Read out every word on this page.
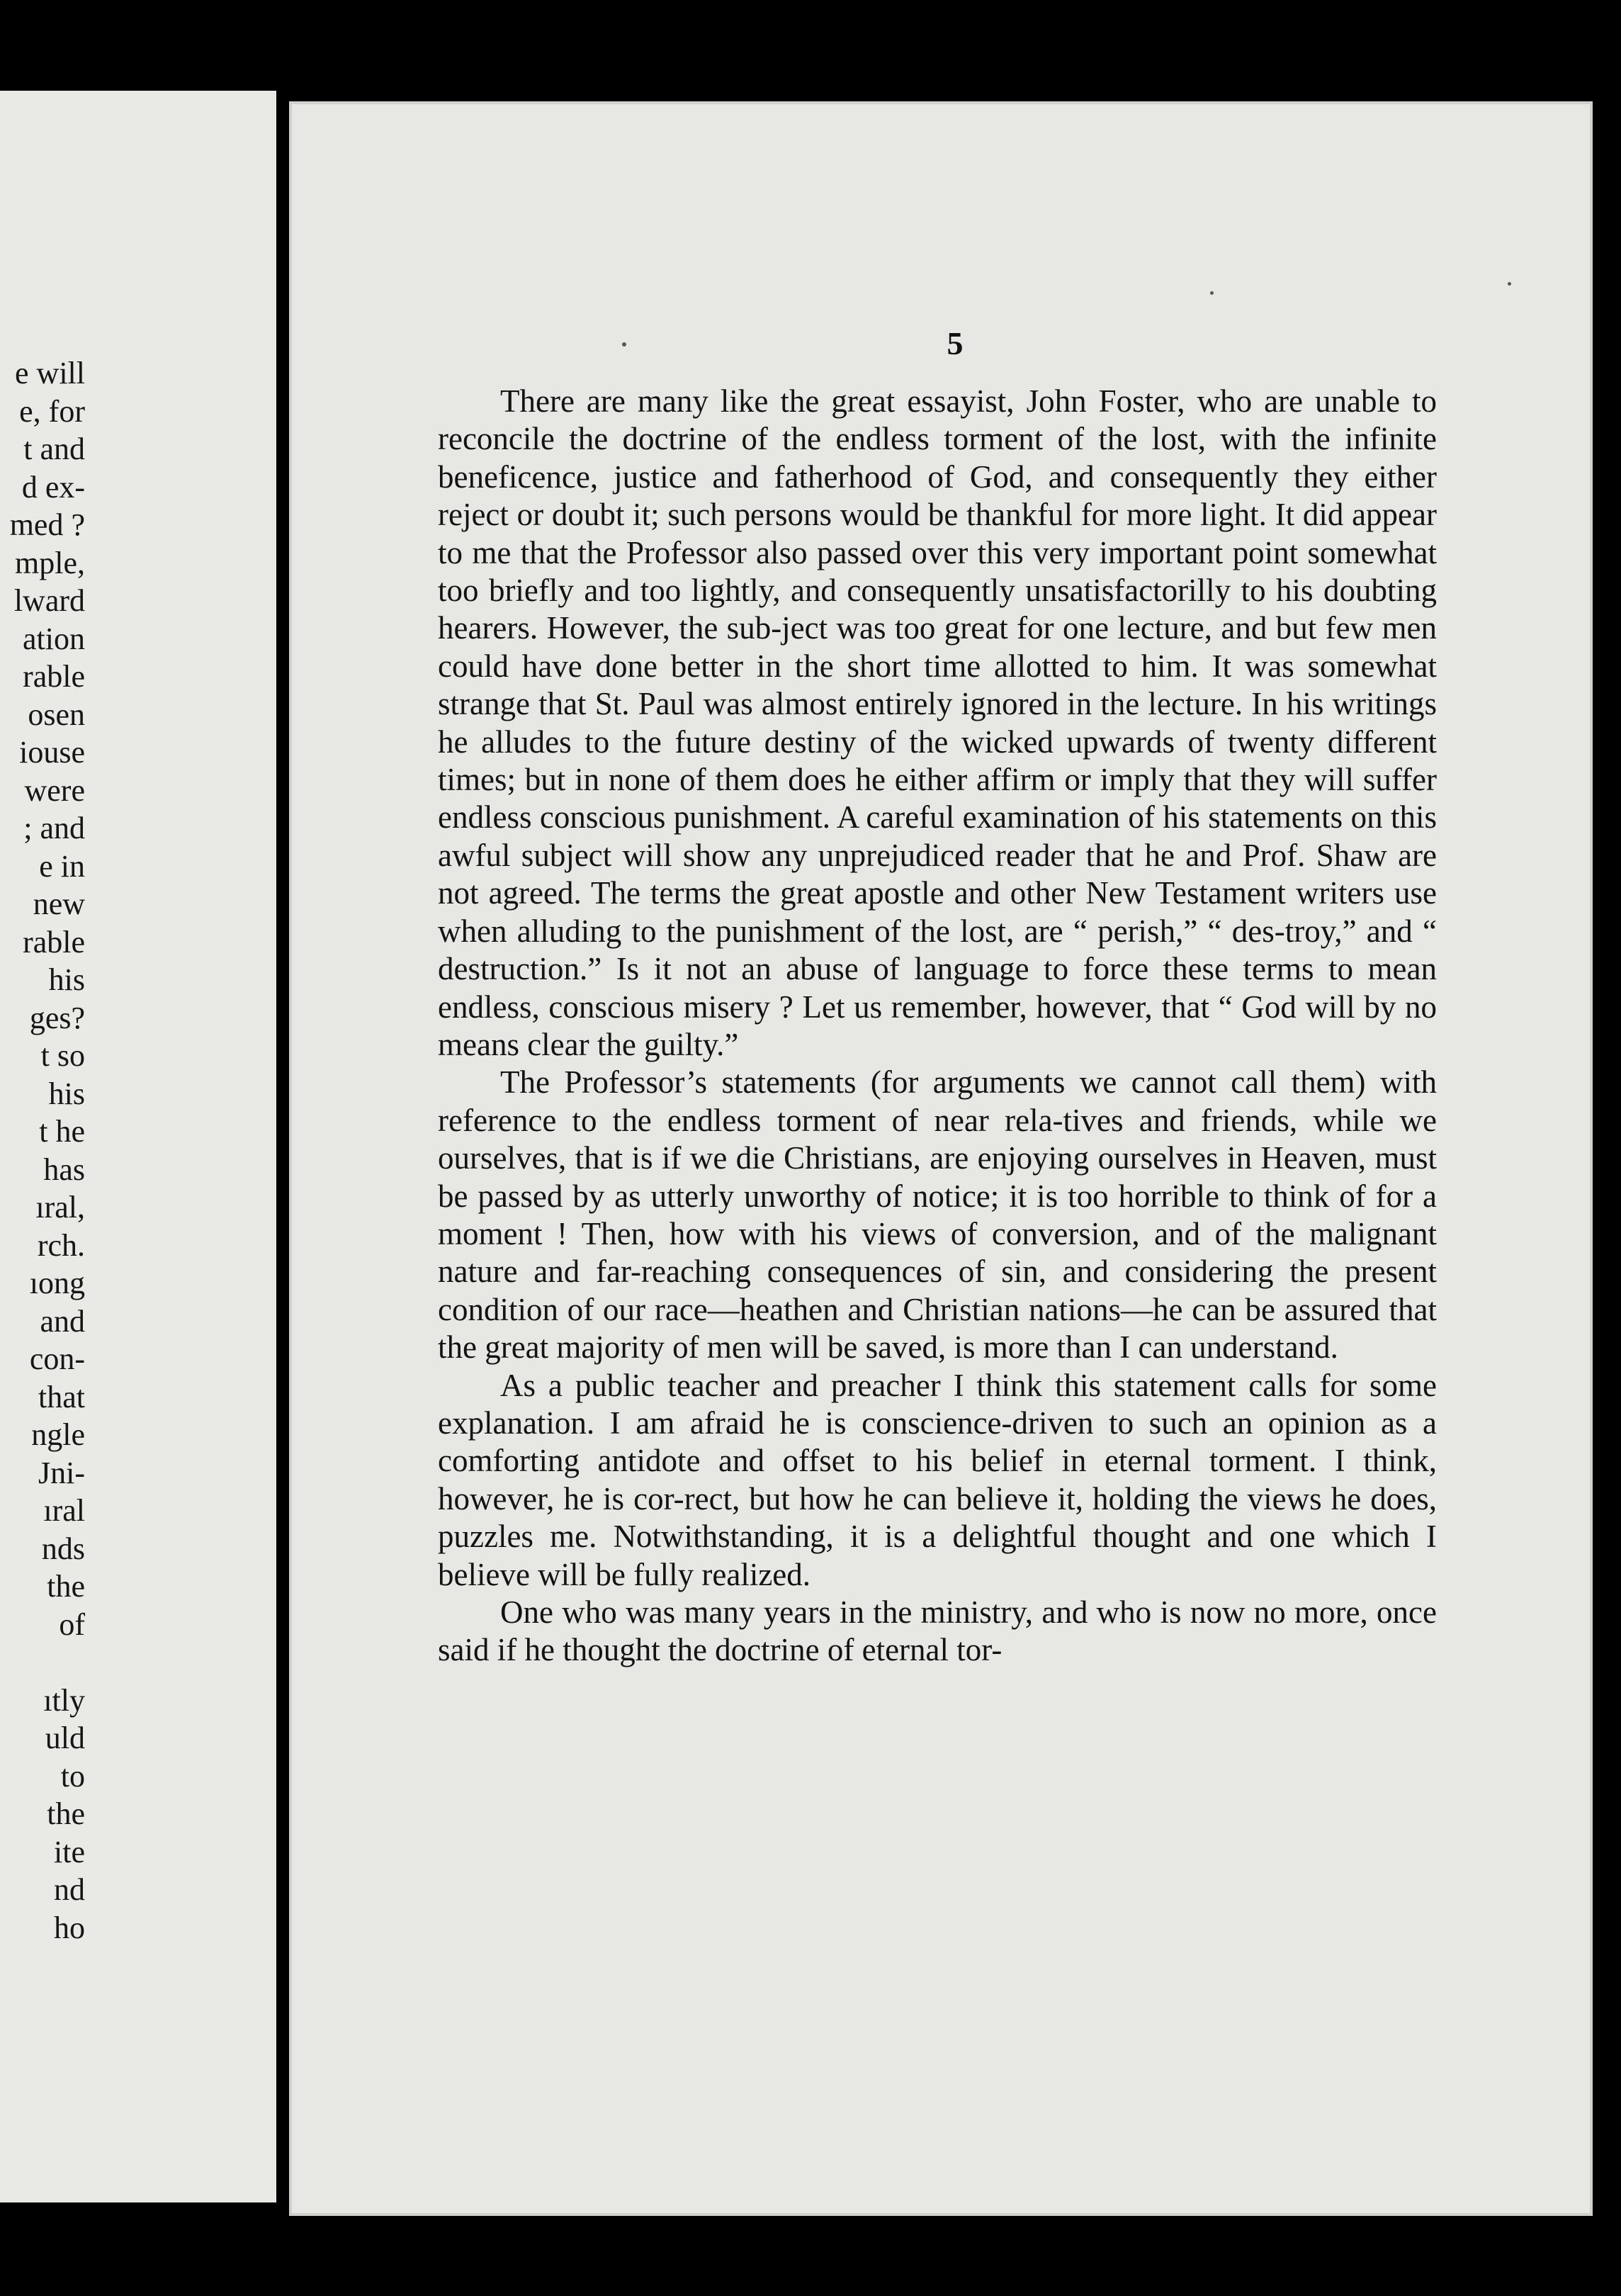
e will
e, for
t and
d ex-
med ?
mple,
lward
ation
rable
osen
iouse
were
; and
e in
new
rable
his
ges?
t so
his
t he
has
ıral,
rch.
ıong
and
con-
that
ngle
Jni-
ıral
nds
the
of
ıtly
uld
to
the
ite
nd
ho
5

There are many like the great essayist, John Foster, who are unable to reconcile the doctrine of the endless torment of the lost, with the infinite beneficence, justice and fatherhood of God, and consequently they either reject or doubt it; such persons would be thankful for more light. It did appear to me that the Professor also passed over this very important point somewhat too briefly and too lightly, and consequently unsatisfactorilly to his doubting hearers. However, the sub-ject was too great for one lecture, and but few men could have done better in the short time allotted to him. It was somewhat strange that St. Paul was almost entirely ignored in the lecture. In his writings he alludes to the future destiny of the wicked upwards of twenty different times; but in none of them does he either affirm or imply that they will suffer endless conscious punishment. A careful examination of his statements on this awful subject will show any unprejudiced reader that he and Prof. Shaw are not agreed. The terms the great apostle and other New Testament writers use when alluding to the punishment of the lost, are “ perish,” “ des-troy,” and “ destruction.” Is it not an abuse of language to force these terms to mean endless, conscious misery ? Let us remember, however, that “ God will by no means clear the guilty.”

The Professor’s statements (for arguments we cannot call them) with reference to the endless torment of near rela-tives and friends, while we ourselves, that is if we die Christians, are enjoying ourselves in Heaven, must be passed by as utterly unworthy of notice; it is too horrible to think of for a moment ! Then, how with his views of conversion, and of the malignant nature and far-reaching consequences of sin, and considering the present condition of our race—heathen and Christian nations—he can be assured that the great majority of men will be saved, is more than I can understand.

As a public teacher and preacher I think this statement calls for some explanation. I am afraid he is conscience-driven to such an opinion as a comforting antidote and offset to his belief in eternal torment. I think, however, he is cor-rect, but how he can believe it, holding the views he does, puzzles me. Notwithstanding, it is a delightful thought and one which I believe will be fully realized.

One who was many years in the ministry, and who is now no more, once said if he thought the doctrine of eternal tor-
